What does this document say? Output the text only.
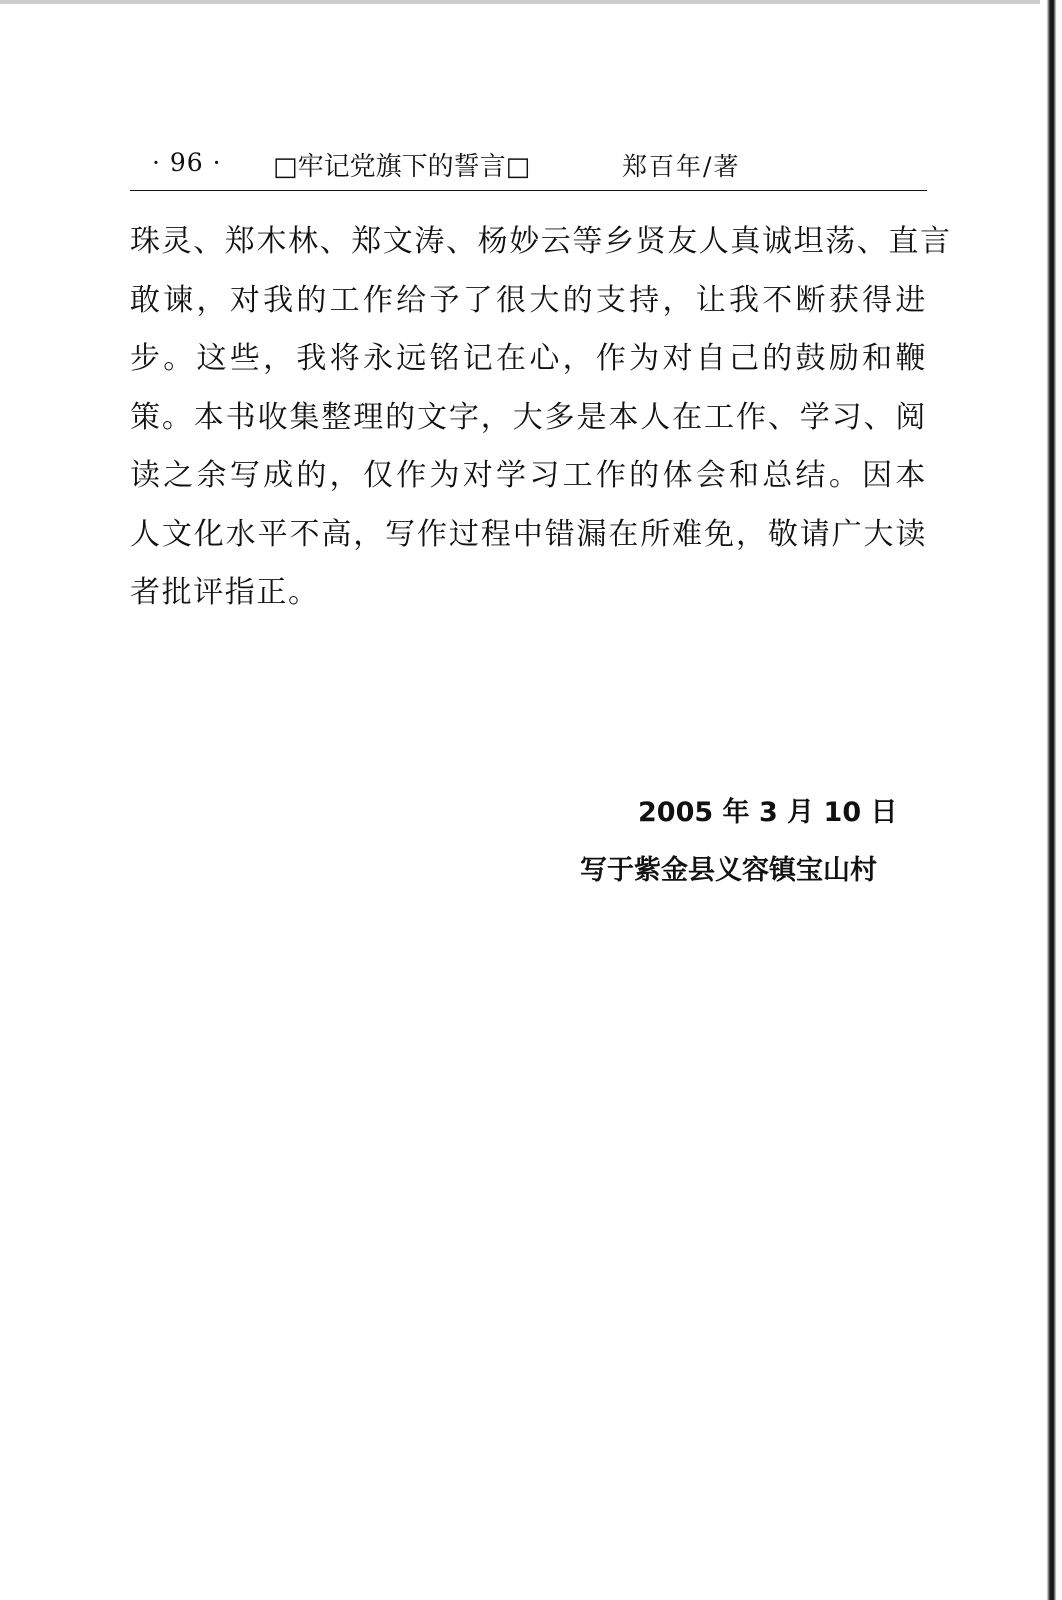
· 96 · □牢记党旗下的誓言□	郑百年/著
珠灵、郑木林、郑文涛、杨妙云等乡贤友人真诚坦荡、直言
敢谏，对我的工作给予了很大的支持，让我不断获得进
步。这些，我将永远铭记在心，作为对自己的鼓励和鞭
策。本书收集整理的文字，大多是本人在工作、学习、阅
读之余写成的，仅作为对学习工作的体会和总结。因本
人文化水平不高，写作过程中错漏在所难免，敬请广大读
者批评指正。
2005 年 3 月 10 日
写于紫金县义容镇宝山村
